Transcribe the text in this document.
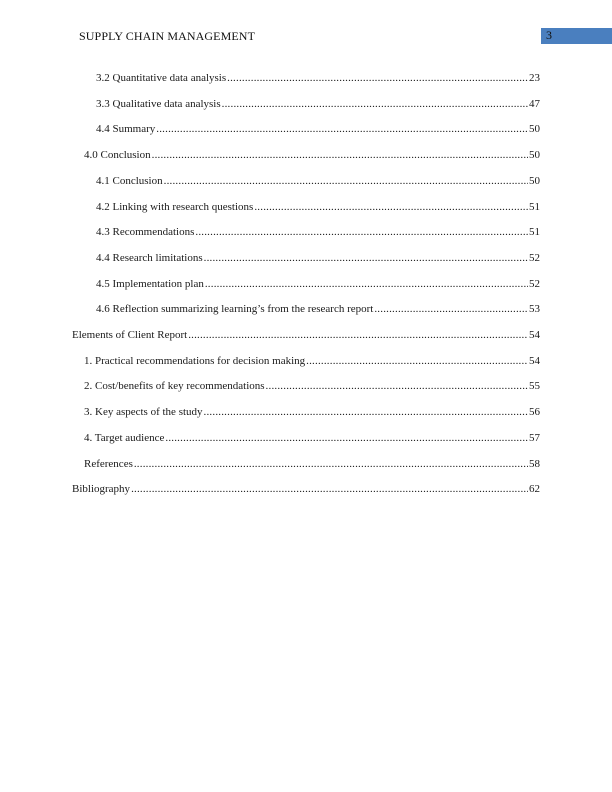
SUPPLY CHAIN MANAGEMENT	3
3.2 Quantitative data analysis .....	23
3.3 Qualitative data analysis .....	47
4.4 Summary .....	50
4.0 Conclusion .....	50
4.1 Conclusion .....	50
4.2 Linking with research questions .....	51
4.3 Recommendations .....	51
4.4 Research limitations .....	52
4.5 Implementation plan .....	52
4.6 Reflection summarizing learning’s from the research report .....	53
Elements of Client Report .....	54
1. Practical recommendations for decision making .....	54
2. Cost/benefits of key recommendations .....	55
3. Key aspects of the study .....	56
4. Target audience .....	57
References .....	58
Bibliography .....	62
